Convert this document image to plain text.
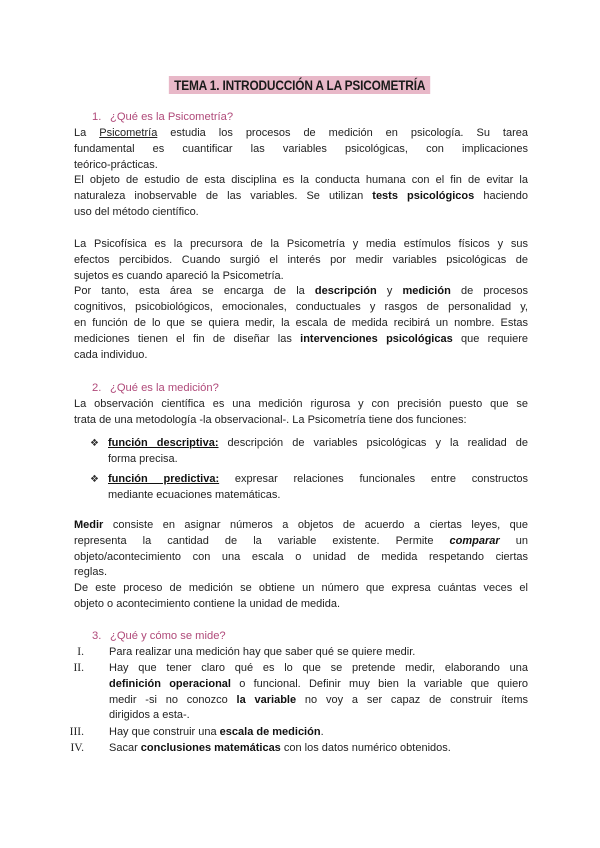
TEMA 1. INTRODUCCIÓN A LA PSICOMETRÍA
1. ¿Qué es la Psicometría?
La Psicometría estudia los procesos de medición en psicología. Su tarea
fundamental es cuantificar las variables psicológicas, con implicaciones
teórico-prácticas.
El objeto de estudio de esta disciplina es la conducta humana con el fin de evitar la
naturaleza inobservable de las variables. Se utilizan tests psicológicos haciendo
uso del método científico.
La Psicofísica es la precursora de la Psicometría y media estímulos físicos y sus
efectos percibidos. Cuando surgió el interés por medir variables psicológicas de
sujetos es cuando apareció la Psicometría.
Por tanto, esta área se encarga de la descripción y medición de procesos
cognitivos, psicobiológicos, emocionales, conductuales y rasgos de personalidad y,
en función de lo que se quiera medir, la escala de medida recibirá un nombre. Estas
mediciones tienen el fin de diseñar las intervenciones psicológicas que requiere
cada individuo.
2. ¿Qué es la medición?
La observación científica es una medición rigurosa y con precisión puesto que se
trata de una metodología -la observacional-. La Psicometría tiene dos funciones:
❖ función descriptiva: descripción de variables psicológicas y la realidad de
forma precisa.
❖ función predictiva: expresar relaciones funcionales entre constructos
mediante ecuaciones matemáticas.
Medir consiste en asignar números a objetos de acuerdo a ciertas leyes, que
representa la cantidad de la variable existente. Permite comparar un
objeto/acontecimiento con una escala o unidad de medida respetando ciertas
reglas.
De este proceso de medición se obtiene un número que expresa cuántas veces el
objeto o acontecimiento contiene la unidad de medida.
3. ¿Qué y cómo se mide?
I. Para realizar una medición hay que saber qué se quiere medir.
II. Hay que tener claro qué es lo que se pretende medir, elaborando una
definición operacional o funcional. Definir muy bien la variable que quiero
medir -si no conozco la variable no voy a ser capaz de construir ítems
dirigidos a esta-.
III. Hay que construir una escala de medición.
IV. Sacar conclusiones matemáticas con los datos numérico obtenidos.
